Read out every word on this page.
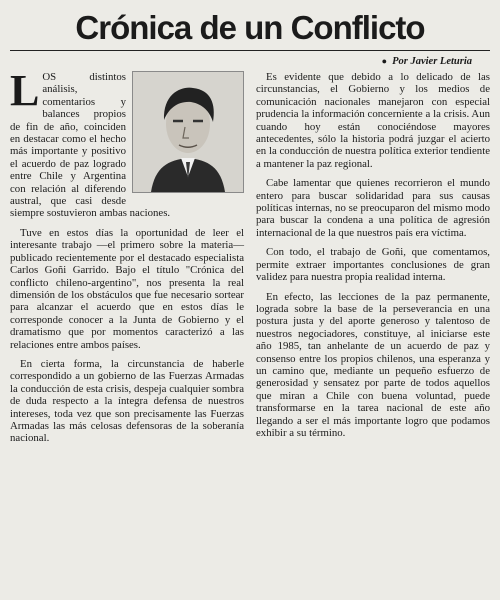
Crónica de un Conflicto
● Por Javier Leturia

LOS distintos análisis, comentarios y balances propios de fin de año, coinciden en destacar como el hecho más importante y positivo el acuerdo de paz logrado entre Chile y Argentina con relación al diferendo austral, que casi desde siempre sostuvieron ambas naciones.

Tuve en estos días la oportunidad de leer el interesante trabajo —el primero sobre la materia— publicado recientemente por el destacado especialista Carlos Goñi Garrido. Bajo el título "Crónica del conflicto chileno-argentino", nos presenta la real dimensión de los obstáculos que fue necesario sortear para alcanzar el acuerdo que en estos días le corresponde conocer a la Junta de Gobierno y el dramatismo que por momentos caracterizó a las relaciones entre ambos países.

En cierta forma, la circunstancia de haberle correspondido a un gobierno de las Fuerzas Armadas la conducción de esta crisis, despeja cualquier sombra de duda respecto a la íntegra defensa de nuestros intereses, toda vez que son precisamente las Fuerzas Armadas las más celosas defensoras de la soberanía nacional.

Es evidente que debido a lo delicado de las circunstancias, el Gobierno y los medios de comunicación nacionales manejaron con especial prudencia la información concerniente a la crisis. Aun cuando hoy están conociéndose mayores antecedentes, sólo la historia podrá juzgar el acierto en la conducción de nuestra política exterior tendiente a mantener la paz regional.

Cabe lamentar que quienes recorrieron el mundo entero para buscar solidaridad para sus causas políticas internas, no se preocuparon del mismo modo para buscar la condena a una política de agresión internacional de la que nuestros país era víctima.

Con todo, el trabajo de Goñi, que comentamos, permite extraer importantes conclusiones de gran validez para nuestra propia realidad interna.

En efecto, las lecciones de la paz permanente, lograda sobre la base de la perseverancia en una postura justa y del aporte generoso y talentoso de nuestros negociadores, constituye, al iniciarse este año 1985, tan anhelante de un acuerdo de paz y consenso entre los propios chilenos, una esperanza y un camino que, mediante un pequeño esfuerzo de generosidad y sensatez por parte de todos aquellos que miran a Chile con buena voluntad, puede transformarse en la tarea nacional de este año llegando a ser el más importante logro que podamos exhibir a su término.
